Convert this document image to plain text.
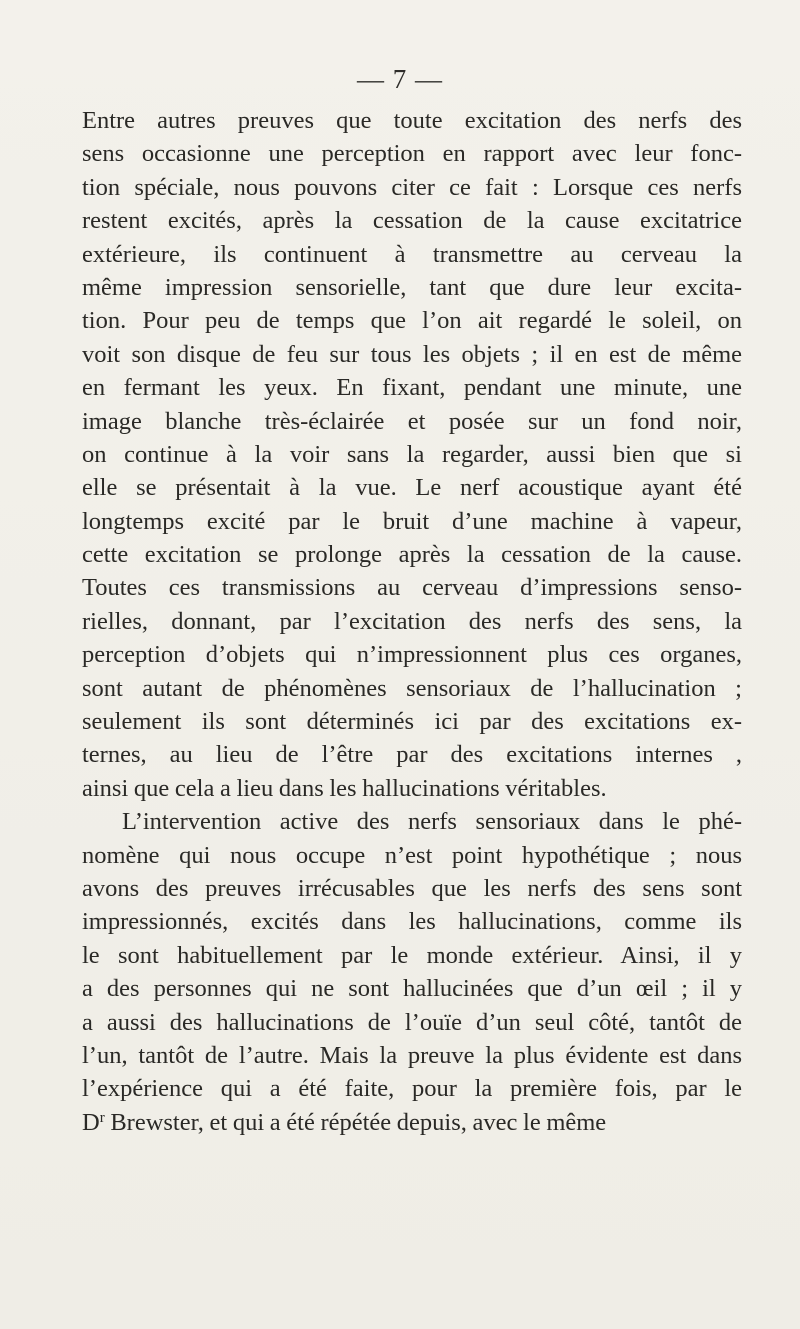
— 7 —
Entre autres preuves que toute excitation des nerfs des
sens occasionne une perception en rapport avec leur fonc-
tion spéciale, nous pouvons citer ce fait : Lorsque ces nerfs
restent excités, après la cessation de la cause excitatrice
extérieure, ils continuent à transmettre au cerveau la
même impression sensorielle, tant que dure leur excita-
tion. Pour peu de temps que l’on ait regardé le soleil, on
voit son disque de feu sur tous les objets ; il en est de même
en fermant les yeux. En fixant, pendant une minute, une
image blanche très-éclairée et posée sur un fond noir,
on continue à la voir sans la regarder, aussi bien que si
elle se présentait à la vue. Le nerf acoustique ayant été
longtemps excité par le bruit d’une machine à vapeur,
cette excitation se prolonge après la cessation de la cause.
Toutes ces transmissions au cerveau d’impressions senso-
rielles, donnant, par l’excitation des nerfs des sens, la
perception d’objets qui n’impressionnent plus ces organes,
sont autant de phénomènes sensoriaux de l’hallucination ;
seulement ils sont déterminés ici par des excitations ex-
ternes, au lieu de l’être par des excitations internes ,
ainsi que cela a lieu dans les hallucinations véritables.
L’intervention active des nerfs sensoriaux dans le phé-
nomène qui nous occupe n’est point hypothétique ; nous
avons des preuves irrécusables que les nerfs des sens sont
impressionnés, excités dans les hallucinations, comme ils
le sont habituellement par le monde extérieur. Ainsi, il y
a des personnes qui ne sont hallucinées que d’un œil ; il y
a aussi des hallucinations de l’ouïe d’un seul côté, tantôt de
l’un, tantôt de l’autre. Mais la preuve la plus évidente est dans
l’expérience qui a été faite, pour la première fois, par le
$D^r$ Brewster, et qui a été répétée depuis, avec le même
